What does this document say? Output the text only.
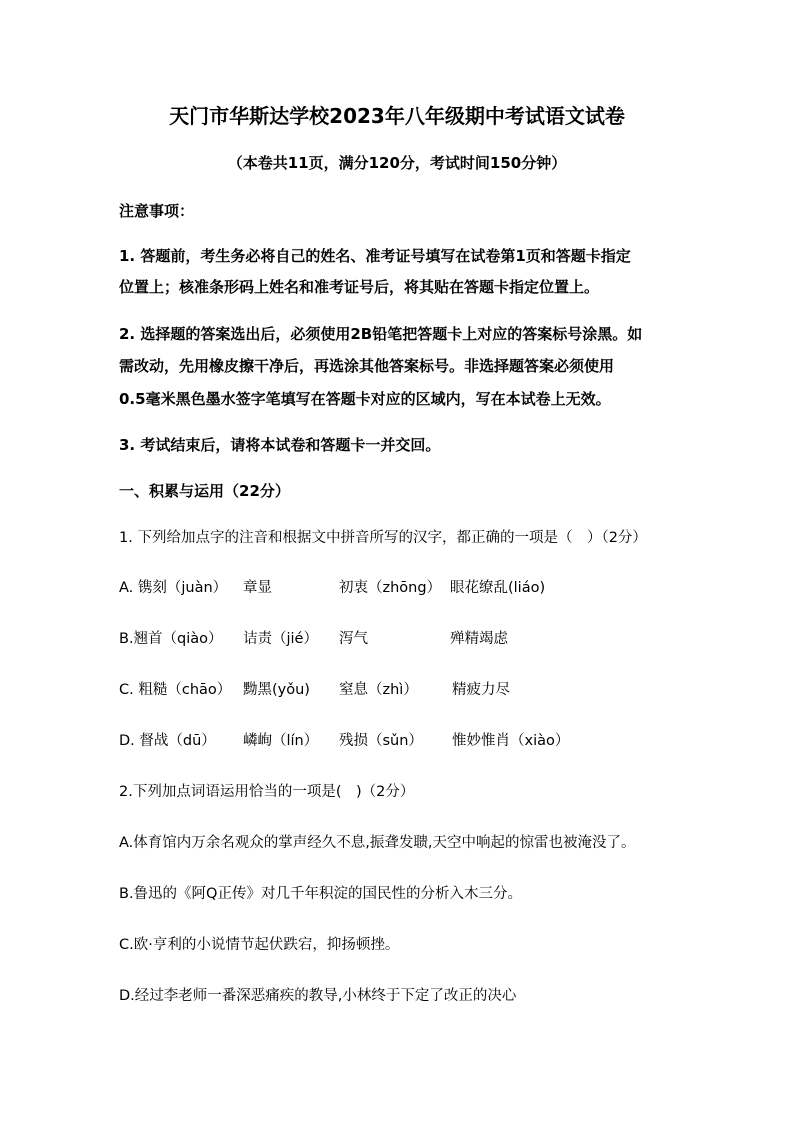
天门市华斯达学校2023年八年级期中考试语文试卷
（本卷共11页，满分120分，考试时间150分钟）
注意事项：
1. 答题前，考生务必将自己的姓名、准考证号填写在试卷第1页和答题卡指定
位置上；核准条形码上姓名和准考证号后，将其贴在答题卡指定位置上。
2. 选择题的答案选出后，必须使用2B铅笔把答题卡上对应的答案标号涂黑。如
需改动，先用橡皮擦干净后，再选涂其他答案标号。非选择题答案必须使用
0.5毫米黑色墨水签字笔填写在答题卡对应的区域内，写在本试卷上无效。
3. 考试结束后，请将本试卷和答题卡一并交回。
一、积累与运用（22分）
1. 下列给加点字的注音和根据文中拼音所写的汉字，都正确的一项是（　）（2分）
A. 镌刻（juàn） 章显	初衷（zhōng） 眼花缭乱(liáo)
B.翘首（qiào） 诘责（jié） 泻气	殚精竭虑
C. 粗糙（chāo） 黝黑(yǒu) 窒息（zhì） 精疲力尽
D. 督战（dū） 嶙峋（lín） 残损（sǔn） 惟妙惟肖（xiào）
2.下列加点词语运用恰当的一项是(　)（2分）
A.体育馆内万余名观众的掌声经久不息,振聋发聩,天空中响起的惊雷也被淹没了。
B.鲁迅的《阿Q正传》对几千年积淀的国民性的分析入木三分。
C.欧·亨利的小说情节起伏跌宕，抑扬顿挫。
D.经过李老师一番深恶痛疾的教导,小林终于下定了改正的决心
